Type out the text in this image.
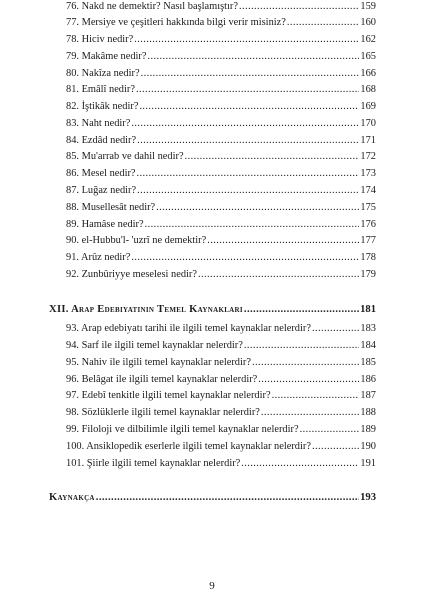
76. Nakd ne demektir? Nasıl başlamıştır? .....	159
77. Mersiye ve çeşitleri hakkında bilgi verir misiniz? .....	160
78. Hiciv nedir? .....	162
79. Makâme nedir? .....	165
80. Nakîza nedir? .....	166
81. Emâlî nedir? .....	168
82. İştikâk nedir? .....	169
83. Naht nedir? .....	170
84. Ezdâd nedir? .....	171
85. Mu'arrab ve dahil nedir? .....	172
86. Mesel nedir? .....	173
87. Luğaz nedir? .....	174
88. Musellesât nedir? .....	175
89. Hamâse nedir? .....	176
90. el-Hubbu'l- 'uzrî ne demektir? .....	177
91. Arûz nedir? .....	178
92. Zunbûriyye meselesi nedir? .....	179
XII. Arap Edebiyatının Temel Kaynakları .....	181
93. Arap edebiyatı tarihi ile ilgili temel kaynaklar nelerdir? .....	183
94. Sarf ile ilgili temel kaynaklar nelerdir? .....	184
95. Nahiv ile ilgili temel kaynaklar nelerdir? .....	185
96. Belâgat ile ilgili temel kaynaklar nelerdir? .....	186
97. Edebî tenkitle ilgili temel kaynaklar nelerdir? .....	187
98. Sözlüklerle ilgili temel kaynaklar nelerdir? .....	188
99. Filoloji ve dilbilimle ilgili temel kaynaklar nelerdir? .....	189
100. Ansiklopedik eserlerle ilgili temel kaynaklar nelerdir? .....	190
101. Şiirle ilgili temel kaynaklar nelerdir? .....	191
Kaynakça .....	193
9
